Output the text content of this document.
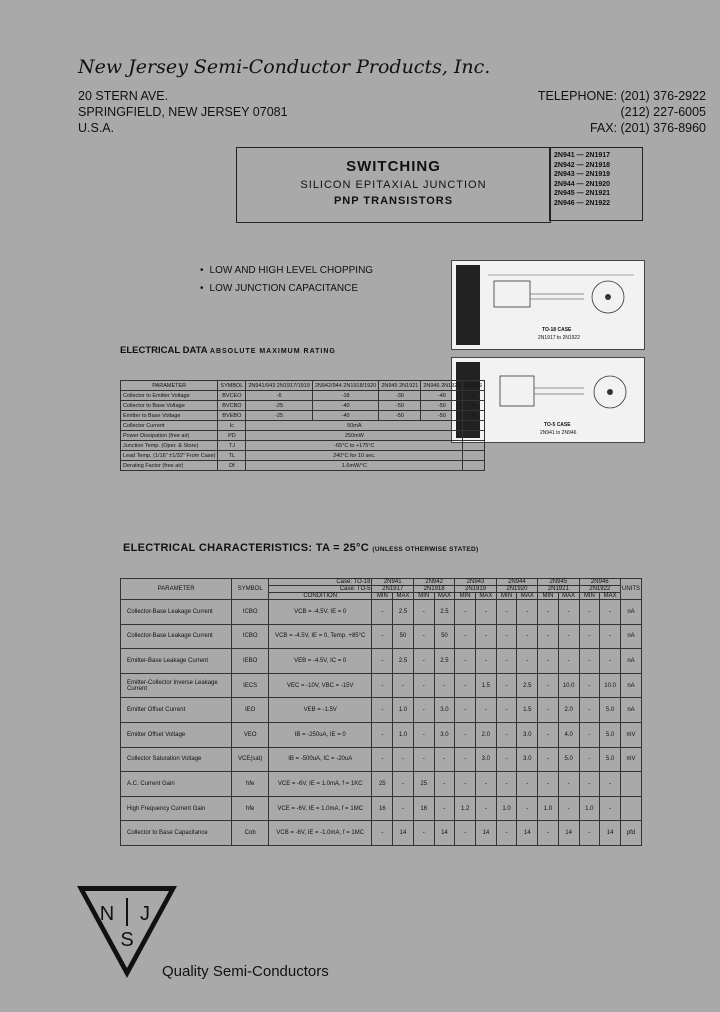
New Jersey Semi-Conductor Products, Inc.
20 STERN AVE.
SPRINGFIELD, NEW JERSEY 07081
U.S.A.
TELEPHONE: (201) 376-2922
(212) 227-6005
FAX: (201) 376-8960
SWITCHING
SILICON EPITAXIAL JUNCTION
PNP TRANSISTORS
2N941 — 2N1917
2N942 — 2N1918
2N943 — 2N1919
2N944 — 2N1920
2N945 — 2N1921
2N946 — 2N1922
• LOW AND HIGH LEVEL CHOPPING
• LOW JUNCTION CAPACITANCE
TO-18 CASE
2N1917 to 2N1922
TO-5 CASE
2N941 to 2N946
ELECTRICAL DATA ABSOLUTE MAXIMUM RATING
PARAMETER	SYMBOL	2N941/943 2N1917/1919	2N942/944 2N1918/1920	2N945 2N1921	2N946 2N1922	UNITS
Collector to Emitter Voltage	BVCEO	-6	-18	-30	-40	V
Collector to Base Voltage	BVCBO	-25	-40	-50	-50	V
Emitter to Base Voltage	BVEBO	-25	-40	-50	-50	V
Collector Current	Ic	50mA				
Power Dissipation (free air)	PD	250mW				
Junction Temp. (Oper. & Store)	TJ	-65°C to +175°C				
Lead Temp. (1/16" ±1/32" From Case)	TL	240°C for 10 sec.				
Derating Factor (free air)	Df	1.6mW/°C				
ELECTRICAL CHARACTERISTICS: TA = 25°C (UNLESS OTHERWISE STATED)
PARAMETER	SYMBOL	Case: TO-18	2N941		2N942		2N943		2N944		2N945		2N946		UNITS
		Case: TO-5	2N1917		2N1918		2N1919		2N1920		2N1921		2N1922		
		CONDITION	MIN	MAX	MIN	MAX	MIN	MAX	MIN	MAX	MIN	MAX	MIN	MAX	
Collector-Base Leakage Current	ICBO	VCB = -4.5V, IE = 0	-	2.5	-	2.5	-	-	-	-	-	-	-	-	nA
Collector-Base Leakage Current	ICBO	VCB = -4.5V, IE = 0, Temp. +85°C	-	50	-	50	-	-	-	-	-	-	-	-	nA
Emitter-Base Leakage Current	IEBO	VEB = -4.5V, IC = 0	-	2.5	-	2.5	-	-	-	-	-	-	-	-	nA
Emitter-Collector Inverse Leakage Current	IECS	VEC = -10V, VBC = -15V	-	-	-	-	-	1.5	-	2.5	-	10.0	-	10.0	nA
Emitter Offset Current	IEO	VEB = -1.5V	-	1.0	-	3.0	-	-	-	1.5	-	2.0	-	5.0	nA
Emitter Offset Voltage	VEO	IB = -250uA, IE = 0	-	1.0	-	3.0	-	2.0	-	3.0	-	4.0	-	5.0	mV
Collector Saturation Voltage	VCE(sat)	IB = -500uA, IC = -20uA	-	-	-	-	-	3.0	-	3.0	-	5.0	-	5.0	mV
A.C. Current Gain	hfe	VCE = -6V, IE = 1.0mA, f = 1KC	25	-	25	-	-	-	-	-	-	-	-	-	
High Frequency Current Gain	hfe	VCE = -6V, IE = 1.0mA, f = 1MC	16	-	16	-	1.2	-	1.0	-	1.0	-	1.0	-	
Collector to Base Capacitance	Cob	VCB = -6V, IE = -1.0mA, f = 1MC	-	14	-	14	-	14	-	14	-	14	-	14	pfd
N J
S
Quality Semi-Conductors
